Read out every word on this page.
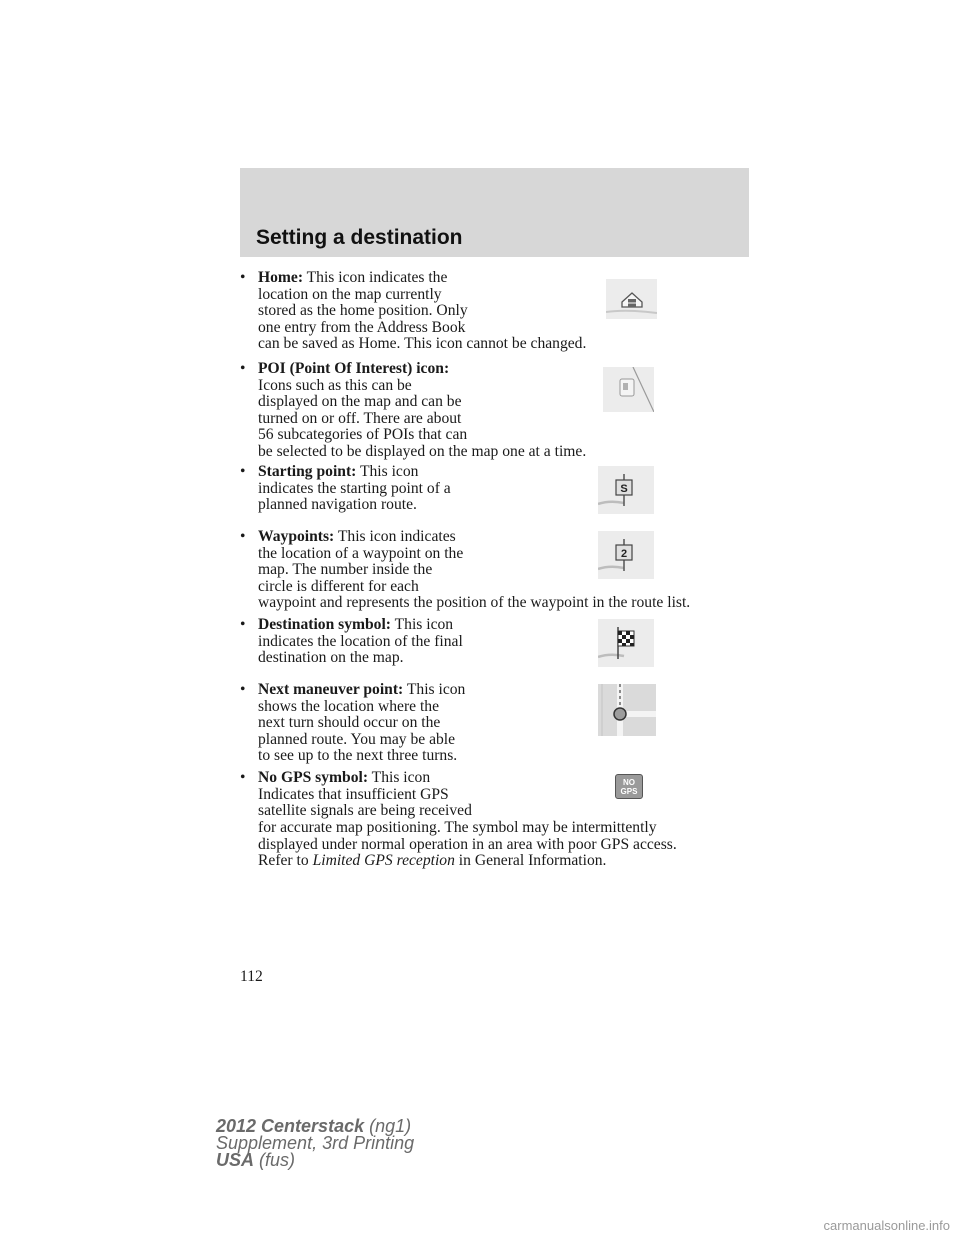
Setting a destination
• Home: This icon indicates the
location on the map currently
stored as the home position. Only
one entry from the Address Book
can be saved as Home. This icon cannot be changed.
• POI (Point Of Interest) icon:
Icons such as this can be
displayed on the map and can be
turned on or off. There are about
56 subcategories of POIs that can
be selected to be displayed on the map one at a time.
• Starting point: This icon
indicates the starting point of a
planned navigation route.
S
• Waypoints: This icon indicates
the location of a waypoint on the
map. The number inside the
circle is different for each
waypoint and represents the position of the waypoint in the route list.
2
• Destination symbol: This icon
indicates the location of the final
destination on the map.
• Next maneuver point: This icon
shows the location where the
next turn should occur on the
planned route. You may be able
to see up to the next three turns.
• No GPS symbol: This icon
Indicates that insufficient GPS
satellite signals are being received
for accurate map positioning. The symbol may be intermittently
displayed under normal operation in an area with poor GPS access.
Refer to Limited GPS reception in General Information.
NO
GPS
112
2012 Centerstack (ng1)
Supplement, 3rd Printing
USA (fus)
carmanualsonline.info
